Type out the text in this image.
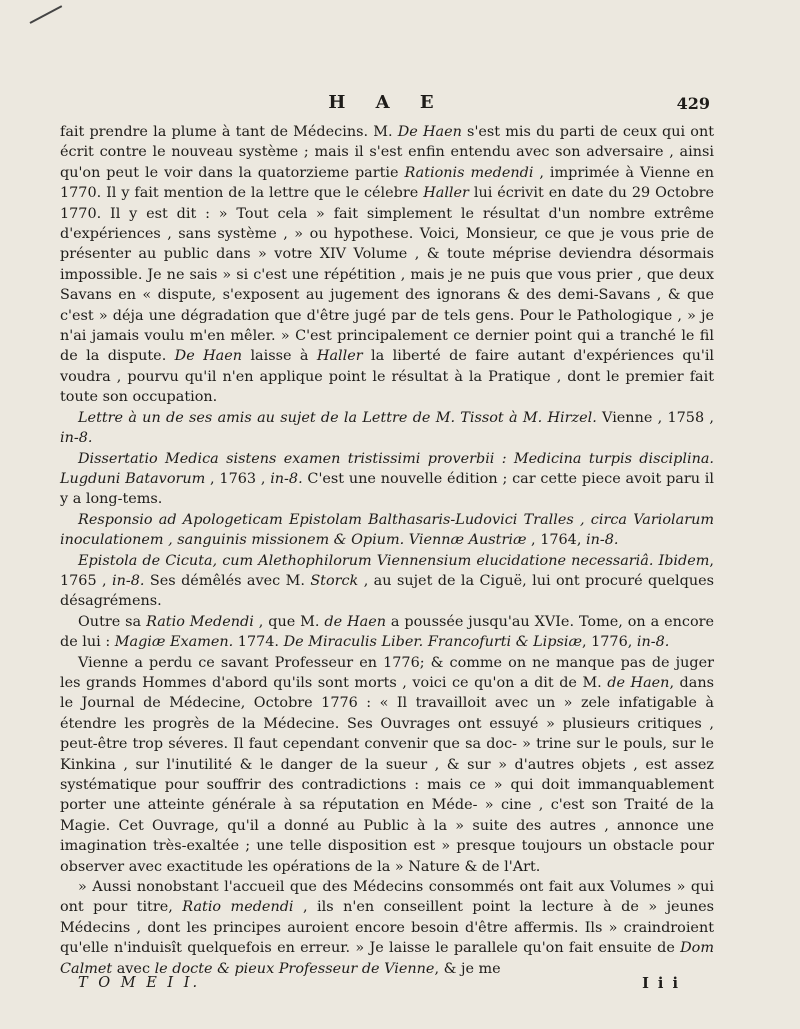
H A E	429

fait prendre la plume à tant de Médecins. M. De Haen s'est mis du parti de ceux qui ont écrit contre le nouveau système ; mais il s'est enfin entendu avec son adversaire , ainsi qu'on peut le voir dans la quatorzieme partie Rationis medendi , imprimée à Vienne en 1770. Il y fait mention de la lettre que le célebre Haller lui écrivit en date du 29 Octobre 1770. Il y est dit : » Tout cela » fait simplement le résultat d'un nombre extrême d'expériences , sans système , » ou hypothese. Voici, Monsieur, ce que je vous prie de présenter au public dans » votre XIV Volume , & toute méprise deviendra désormais impossible. Je ne sais » si c'est une répétition , mais je ne puis que vous prier , que deux Savans en « dispute, s'exposent au jugement des ignorans & des demi-Savans , & que c'est » déja une dégradation que d'être jugé par de tels gens. Pour le Pathologique , » je n'ai jamais voulu m'en mêler. » C'est principalement ce dernier point qui a tranché le fil de la dispute. De Haen laisse à Haller la liberté de faire autant d'expériences qu'il voudra , pourvu qu'il n'en applique point le résultat à la Pratique , dont le premier fait toute son occupation.

Lettre à un de ses amis au sujet de la Lettre de M. Tissot à M. Hirzel. Vienne , 1758 , in-8.

Dissertatio Medica sistens examen tristissimi proverbii : Medicina turpis disciplina. Lugduni Batavorum , 1763 , in-8. C'est une nouvelle édition ; car cette piece avoit paru il y a long-tems.

Responsio ad Apologeticam Epistolam Balthasaris-Ludovici Tralles , circa Variolarum inoculationem , sanguinis missionem & Opium. Viennæ Austriæ , 1764, in-8.

Epistola de Cicuta, cum Alethophilorum Viennensium elucidatione necessariâ. Ibidem, 1765 , in-8. Ses démêlés avec M. Storck , au sujet de la Ciguë, lui ont procuré quelques désagrémens.

Outre sa Ratio Medendi , que M. de Haen a poussée jusqu'au XVIe. Tome, on a encore de lui : Magiæ Examen. 1774. De Miraculis Liber. Francofurti & Lipsiæ, 1776, in-8.

Vienne a perdu ce savant Professeur en 1776; & comme on ne manque pas de juger les grands Hommes d'abord qu'ils sont morts , voici ce qu'on a dit de M. de Haen, dans le Journal de Médecine, Octobre 1776 : « Il travailloit avec un » zele infatigable à étendre les progrès de la Médecine. Ses Ouvrages ont essuyé » plusieurs critiques , peut-être trop séveres. Il faut cependant convenir que sa doc- » trine sur le pouls, sur le Kinkina , sur l'inutilité & le danger de la sueur , & sur » d'autres objets , est assez systématique pour souffrir des contradictions : mais ce » qui doit immanquablement porter une atteinte générale à sa réputation en Méde- » cine , c'est son Traité de la Magie. Cet Ouvrage, qu'il a donné au Public à la » suite des autres , annonce une imagination très-exaltée ; une telle disposition est » presque toujours un obstacle pour observer avec exactitude les opérations de la » Nature & de l'Art.

» Aussi nonobstant l'accueil que des Médecins consommés ont fait aux Volumes » qui ont pour titre, Ratio medendi , ils n'en conseillent point la lecture à de » jeunes Médecins , dont les principes auroient encore besoin d'être affermis. Ils » craindroient qu'elle n'induisît quelquefois en erreur. » Je laisse le parallele qu'on fait ensuite de Dom Calmet avec le docte & pieux Professeur de Vienne, & je me

T O M E I I.	I i i
